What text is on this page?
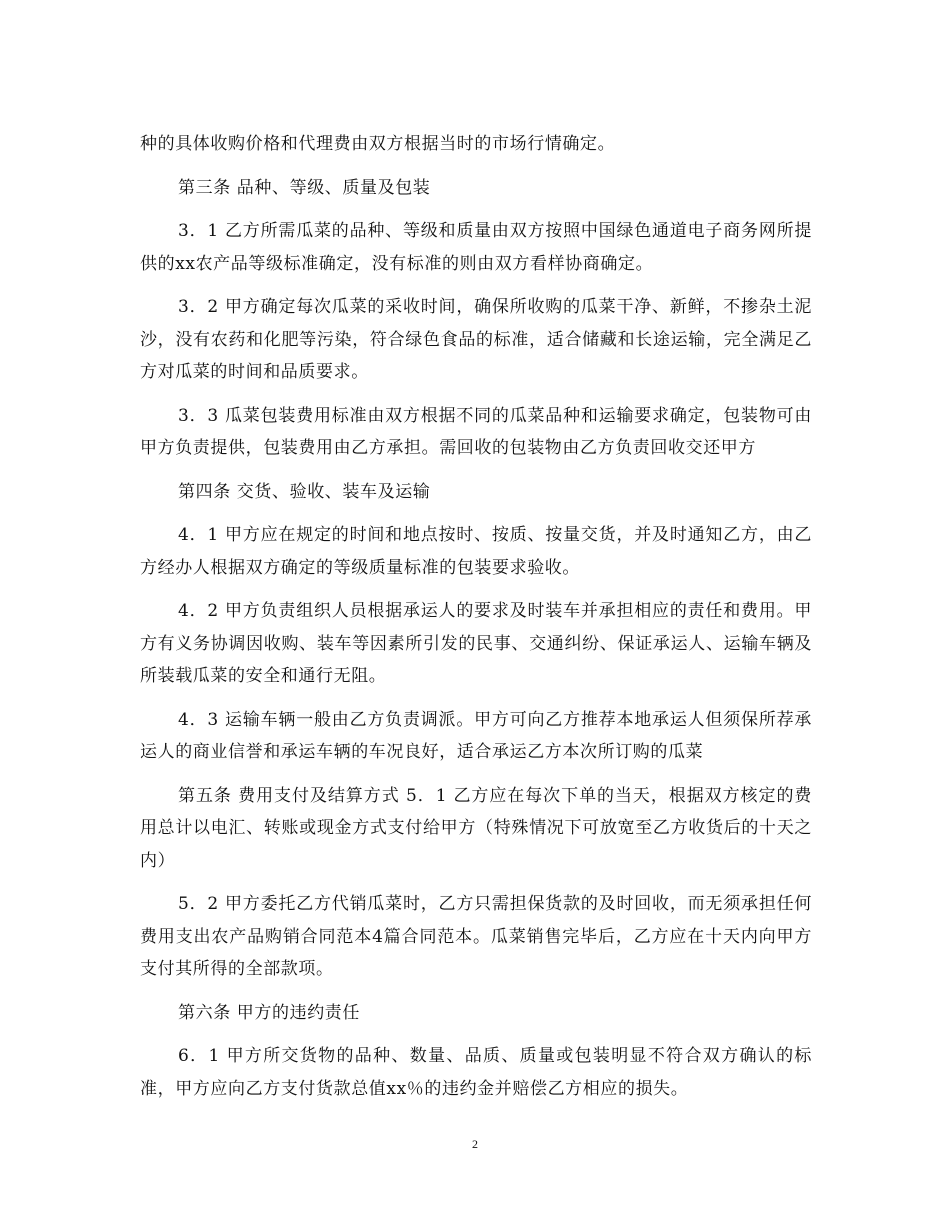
种的具体收购价格和代理费由双方根据当时的市场行情确定。

第三条 品种、等级、质量及包装

3．1 乙方所需瓜菜的品种、等级和质量由双方按照中国绿色通道电子商务网所提供的xx农产品等级标准确定，没有标准的则由双方看样协商确定。

3．2 甲方确定每次瓜菜的采收时间，确保所收购的瓜菜干净、新鲜，不掺杂土泥沙，没有农药和化肥等污染，符合绿色食品的标准，适合储藏和长途运输，完全满足乙方对瓜菜的时间和品质要求。

3．3 瓜菜包装费用标准由双方根据不同的瓜菜品种和运输要求确定，包装物可由甲方负责提供，包装费用由乙方承担。需回收的包装物由乙方负责回收交还甲方

第四条 交货、验收、装车及运输

4．1 甲方应在规定的时间和地点按时、按质、按量交货，并及时通知乙方，由乙方经办人根据双方确定的等级质量标准的包装要求验收。

4．2 甲方负责组织人员根据承运人的要求及时装车并承担相应的责任和费用。甲方有义务协调因收购、装车等因素所引发的民事、交通纠纷、保证承运人、运输车辆及所装载瓜菜的安全和通行无阻。

4．3 运输车辆一般由乙方负责调派。甲方可向乙方推荐本地承运人但须保所荐承运人的商业信誉和承运车辆的车况良好，适合承运乙方本次所订购的瓜菜

第五条 费用支付及结算方式 5．1 乙方应在每次下单的当天，根据双方核定的费用总计以电汇、转账或现金方式支付给甲方（特殊情况下可放宽至乙方收货后的十天之内）

5．2 甲方委托乙方代销瓜菜时，乙方只需担保货款的及时回收，而无须承担任何费用支出农产品购销合同范本4篇合同范本。瓜菜销售完毕后，乙方应在十天内向甲方支付其所得的全部款项。

第六条 甲方的违约责任

6．1 甲方所交货物的品种、数量、品质、质量或包装明显不符合双方确认的标准，甲方应向乙方支付货款总值xx％的违约金并赔偿乙方相应的损失。

2
